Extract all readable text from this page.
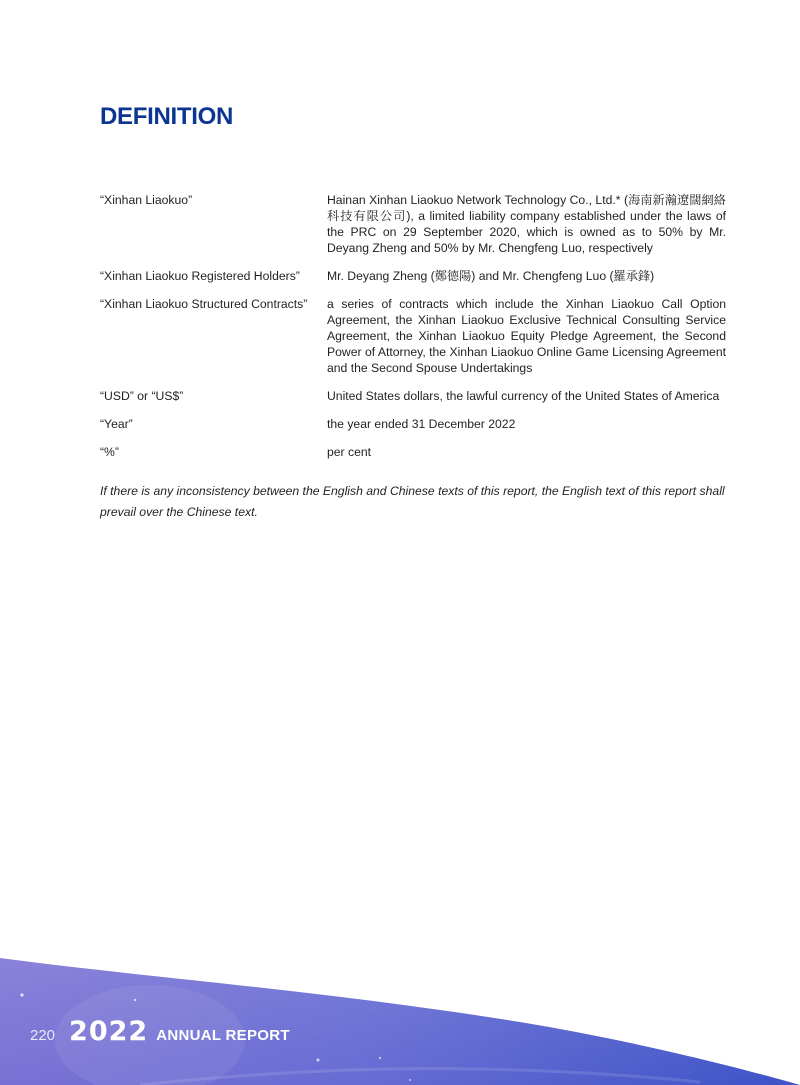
DEFINITION
“Xinhan Liaokuo”	Hainan Xinhan Liaokuo Network Technology Co., Ltd.* (海南新瀚遼闊網絡科技有限公司), a limited liability company established under the laws of the PRC on 29 September 2020, which is owned as to 50% by Mr. Deyang Zheng and 50% by Mr. Chengfeng Luo, respectively
“Xinhan Liaokuo Registered Holders”	Mr. Deyang Zheng (鄭德陽) and Mr. Chengfeng Luo (羅承鋒)
“Xinhan Liaokuo Structured Contracts”	a series of contracts which include the Xinhan Liaokuo Call Option Agreement, the Xinhan Liaokuo Exclusive Technical Consulting Service Agreement, the Xinhan Liaokuo Equity Pledge Agreement, the Second Power of Attorney, the Xinhan Liaokuo Online Game Licensing Agreement and the Second Spouse Undertakings
“USD” or “US$”	United States dollars, the lawful currency of the United States of America
“Year”	the year ended 31 December 2022
“%”	per cent

If there is any inconsistency between the English and Chinese texts of this report, the English text of this report shall prevail over the Chinese text.

220 2022 ANNUAL REPORT
